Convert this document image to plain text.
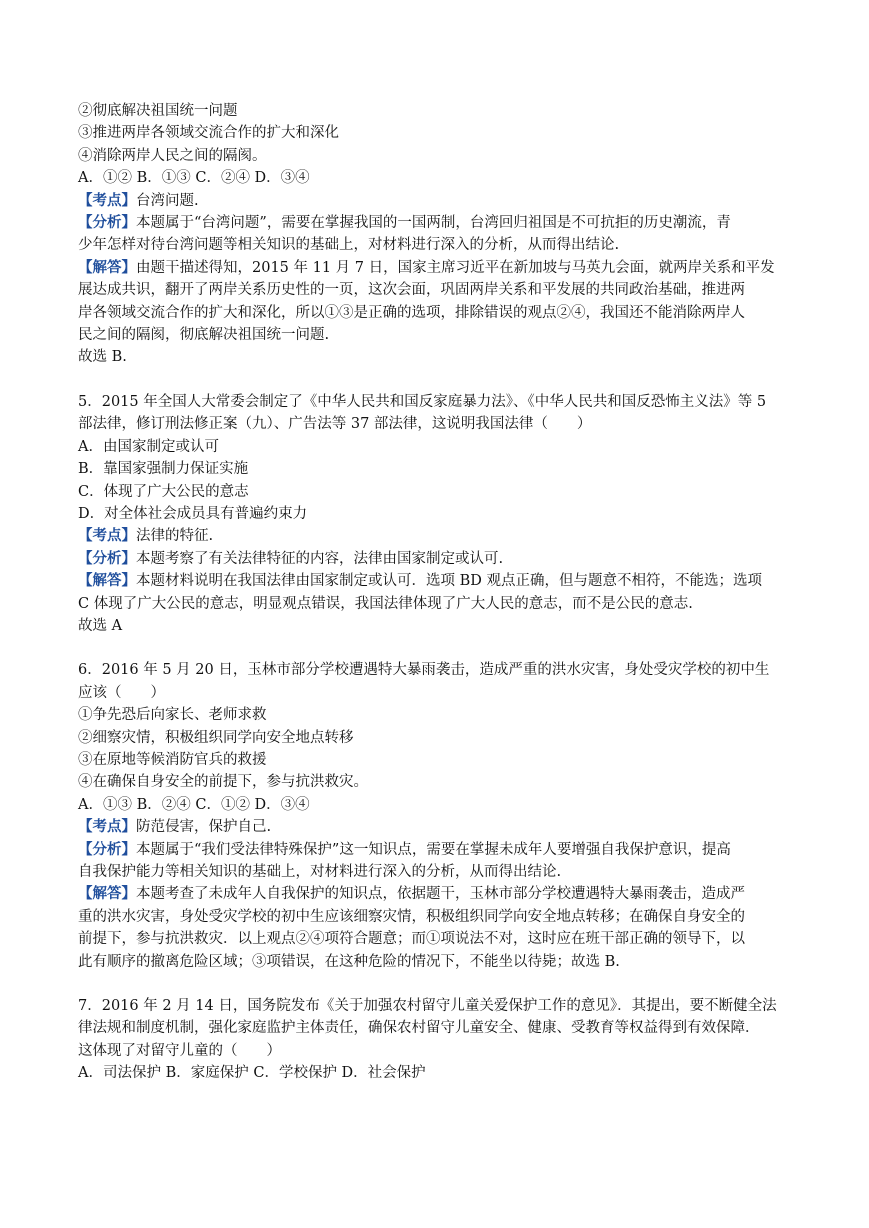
②彻底解决祖国统一问题
③推进两岸各领域交流合作的扩大和深化
④消除两岸人民之间的隔阂。
A．①② B．①③ C．②④ D．③④
【考点】台湾问题.
【分析】本题属于“台湾问题”，需要在掌握我国的一国两制，台湾回归祖国是不可抗拒的历史潮流，青
少年怎样对待台湾问题等相关知识的基础上，对材料进行深入的分析，从而得出结论.
【解答】由题干描述得知，2015 年 11 月 7 日，国家主席习近平在新加坡与马英九会面，就两岸关系和平发
展达成共识，翻开了两岸关系历史性的一页，这次会面，巩固两岸关系和平发展的共同政治基础，推进两
岸各领域交流合作的扩大和深化，所以①③是正确的选项，排除错误的观点②④，我国还不能消除两岸人
民之间的隔阂，彻底解决祖国统一问题.
故选 B.
5．2015 年全国人大常委会制定了《中华人民共和国反家庭暴力法》、《中华人民共和国反恐怖主义法》等 5
部法律，修订刑法修正案（九）、广告法等 37 部法律，这说明我国法律（　　）
A．由国家制定或认可
B．靠国家强制力保证实施
C．体现了广大公民的意志
D．对全体社会成员具有普遍约束力
【考点】法律的特征.
【分析】本题考察了有关法律特征的内容，法律由国家制定或认可.
【解答】本题材料说明在我国法律由国家制定或认可．选项 BD 观点正确，但与题意不相符，不能选；选项
C 体现了广大公民的意志，明显观点错误，我国法律体现了广大人民的意志，而不是公民的意志.
故选 A
6．2016 年 5 月 20 日，玉林市部分学校遭遇特大暴雨袭击，造成严重的洪水灾害，身处受灾学校的初中生
应该（　　）
①争先恐后向家长、老师求救
②细察灾情，积极组织同学向安全地点转移
③在原地等候消防官兵的救援
④在确保自身安全的前提下，参与抗洪救灾。
A．①③ B．②④ C．①② D．③④
【考点】防范侵害，保护自己.
【分析】本题属于“我们受法律特殊保护”这一知识点，需要在掌握未成年人要增强自我保护意识，提高
自我保护能力等相关知识的基础上，对材料进行深入的分析，从而得出结论.
【解答】本题考查了未成年人自我保护的知识点，依据题干，玉林市部分学校遭遇特大暴雨袭击，造成严
重的洪水灾害，身处受灾学校的初中生应该细察灾情，积极组织同学向安全地点转移；在确保自身安全的
前提下，参与抗洪救灾．以上观点②④项符合题意；而①项说法不对，这时应在班干部正确的领导下，以
此有顺序的撤离危险区域；③项错误，在这种危险的情况下，不能坐以待毙；故选 B.
7．2016 年 2 月 14 日，国务院发布《关于加强农村留守儿童关爱保护工作的意见》．其提出，要不断健全法
律法规和制度机制，强化家庭监护主体责任，确保农村留守儿童安全、健康、受教育等权益得到有效保障．
这体现了对留守儿童的（　　）
A．司法保护 B．家庭保护 C．学校保护 D．社会保护
